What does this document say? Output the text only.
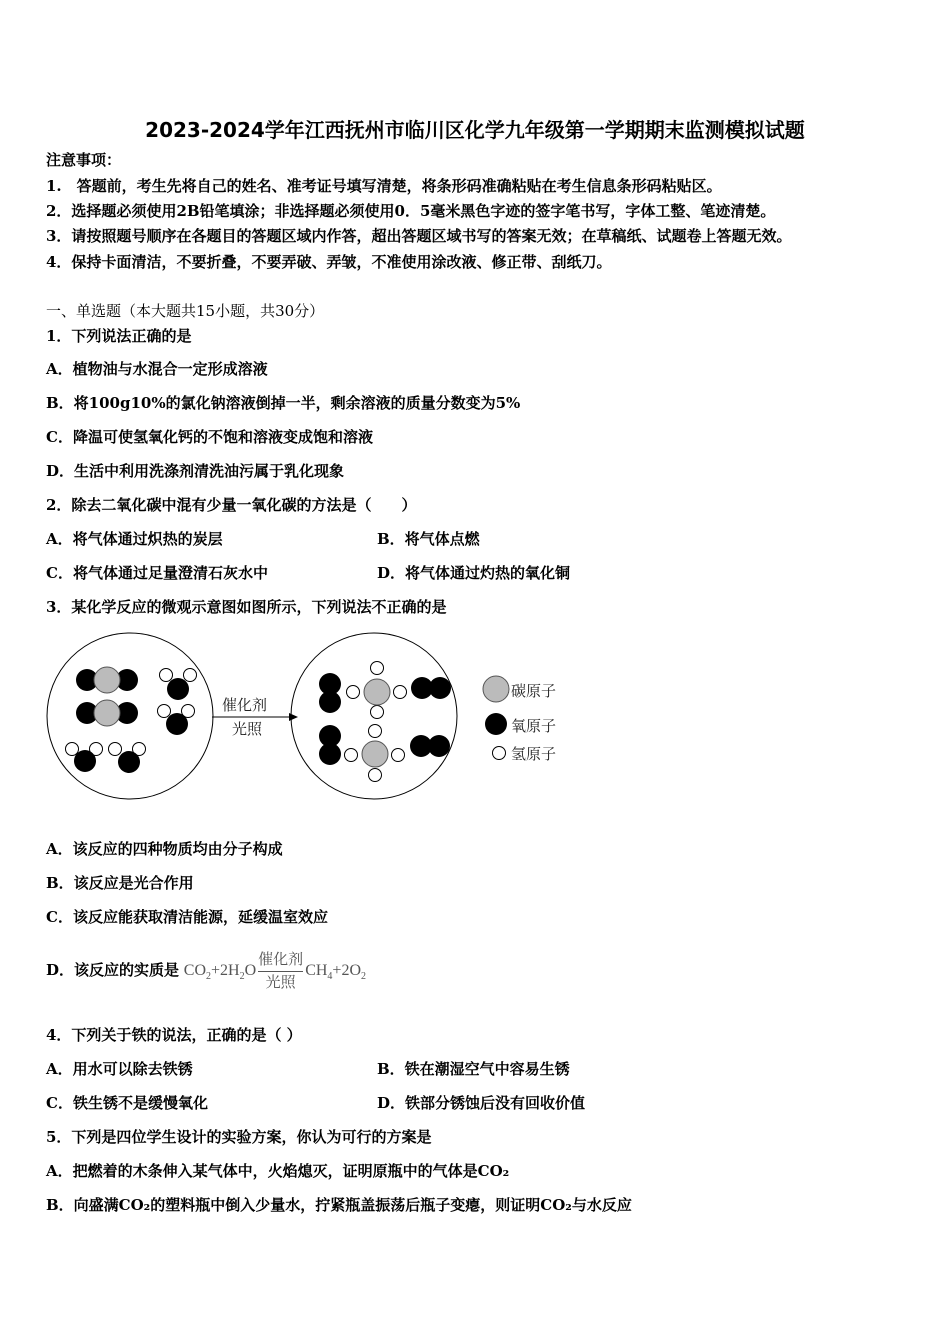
2023-2024学年江西抚州市临川区化学九年级第一学期期末监测模拟试题
注意事项：
1.　答题前，考生先将自己的姓名、准考证号填写清楚，将条形码准确粘贴在考生信息条形码粘贴区。
2．选择题必须使用2B铅笔填涂；非选择题必须使用0．5毫米黑色字迹的签字笔书写，字体工整、笔迹清楚。
3．请按照题号顺序在各题目的答题区域内作答，超出答题区域书写的答案无效；在草稿纸、试题卷上答题无效。
4．保持卡面清洁，不要折叠，不要弄破、弄皱，不准使用涂改液、修正带、刮纸刀。
一、单选题（本大题共15小题，共30分）
1．下列说法正确的是
A．植物油与水混合一定形成溶液
B．将100g10%的氯化钠溶液倒掉一半，剩余溶液的质量分数变为5%
C．降温可使氢氧化钙的不饱和溶液变成饱和溶液
D．生活中利用洗涤剂清洗油污属于乳化现象
2．除去二氧化碳中混有少量一氧化碳的方法是（　　）
A．将气体通过炽热的炭层	B．将气体点燃
C．将气体通过足量澄清石灰水中	D．将气体通过灼热的氧化铜
3．某化学反应的微观示意图如图所示，下列说法不正确的是
催化剂
光照
碳原子
氧原子
氢原子
A．该反应的四种物质均由分子构成
B．该反应是光合作用
C．该反应能获取清洁能源，延缓温室效应
D．该反应的实质是 $CO_2+2H_2O \frac{\text{催化剂}}{\text{光照}} CH_4+2O_2$
4．下列关于铁的说法，正确的是（ ）
A．用水可以除去铁锈	B．铁在潮湿空气中容易生锈
C．铁生锈不是缓慢氧化	D．铁部分锈蚀后没有回收价值
5．下列是四位学生设计的实验方案，你认为可行的方案是
A．把燃着的木条伸入某气体中，火焰熄灭，证明原瓶中的气体是CO₂
B．向盛满CO₂的塑料瓶中倒入少量水，拧紧瓶盖振荡后瓶子变瘪，则证明CO₂与水反应
